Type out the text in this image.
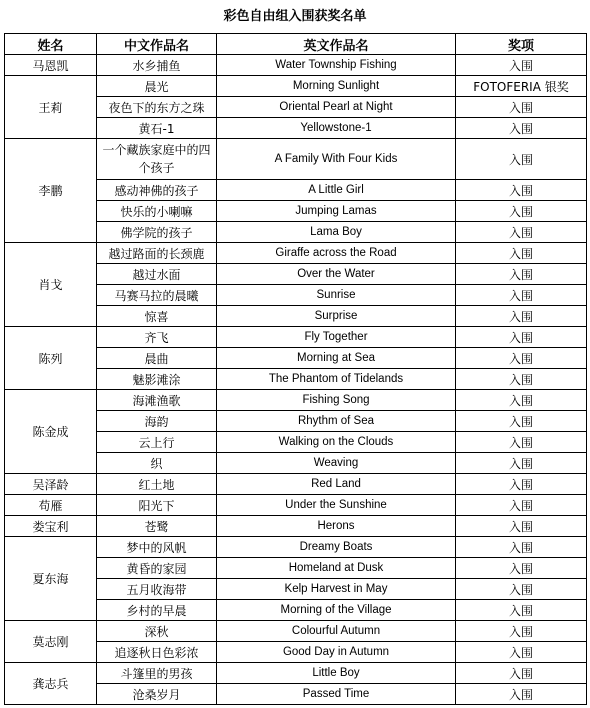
彩色自由组入围获奖名单
姓名	中文作品名	英文作品名	奖项
马恩凯	水乡捕鱼	Water Township Fishing	入围
王莉	晨光	Morning Sunlight	FOTOFERIA 银奖
	夜色下的东方之珠	Oriental Pearl at Night	入围
	黄石-1	Yellowstone-1	入围
李鹏	一个藏族家庭中的四个孩子	A Family With Four Kids	入围
	感动神佛的孩子	A Little Girl	入围
	快乐的小喇嘛	Jumping Lamas	入围
	佛学院的孩子	Lama Boy	入围
肖戈	越过路面的长颈鹿	Giraffe across the Road	入围
	越过水面	Over the Water	入围
	马赛马拉的晨曦	Sunrise	入围
	惊喜	Surprise	入围
陈列	齐飞	Fly Together	入围
	晨曲	Morning at Sea	入围
	魅影滩涂	The Phantom of Tidelands	入围
陈金成	海滩渔歌	Fishing Song	入围
	海韵	Rhythm of Sea	入围
	云上行	Walking on the Clouds	入围
	织	Weaving	入围
吴泽龄	红土地	Red Land	入围
苟雁	阳光下	Under the Sunshine	入围
娄宝利	苍鹭	Herons	入围
夏东海	梦中的风帆	Dreamy Boats	入围
	黄昏的家园	Homeland at Dusk	入围
	五月收海带	Kelp Harvest in May	入围
	乡村的早晨	Morning of the Village	入围
莫志刚	深秋	Colourful Autumn	入围
	追逐秋日色彩浓	Good Day in Autumn	入围
龚志兵	斗篷里的男孩	Little Boy	入围
	沧桑岁月	Passed Time	入围
